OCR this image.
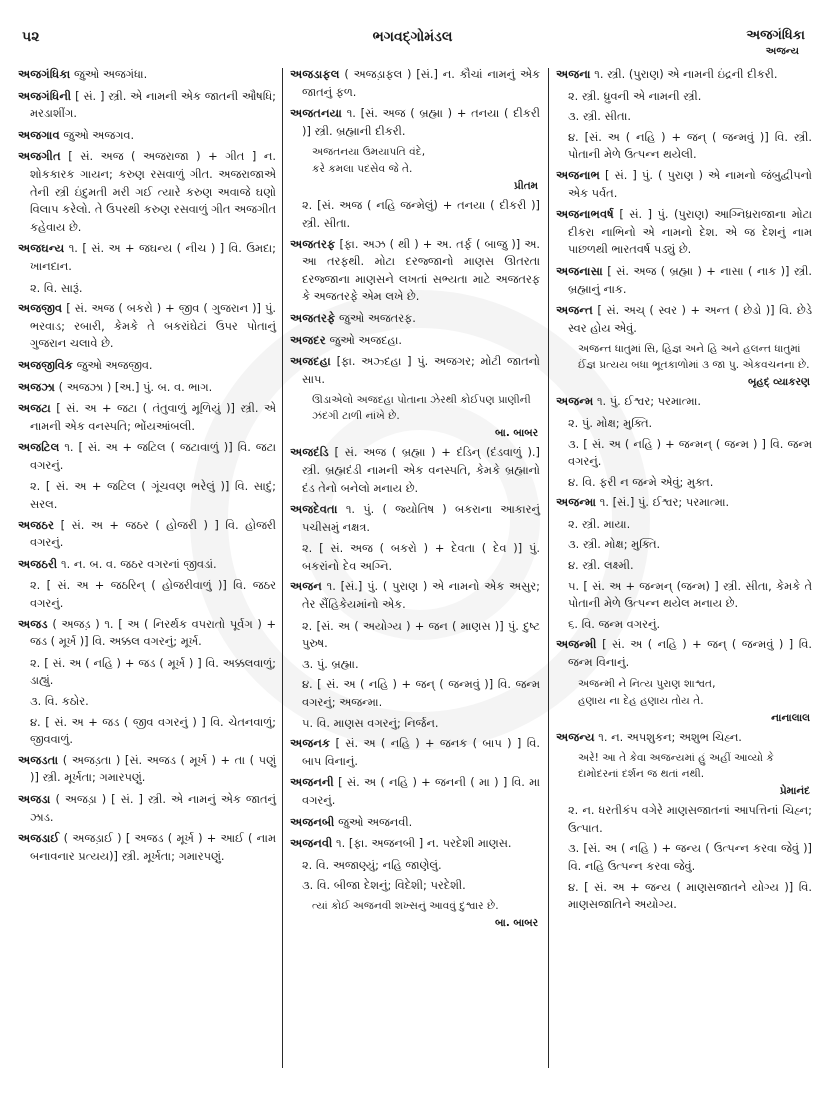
૫૨	ભગવદ્ગોમંડલ	અજગંધિકા
અજન્ય
અજગંધિકા જુઓ અજગંધા.
અજગંધિની [ સં. ] સ્ત્રી. એ નામની એક જાતની ઔષધિ; મરડાશીંગ.
અજગાવ જુઓ અજગવ.
અજગીત [ સં. અજ ( અજરાજા ) + ગીત ] ન. શોકકારક ગાયન; કરુણ રસવાળું ગીત. અજરાજાએ તેની સ્ત્રી ઇંદુમતી મરી ગઈ ત્યારે કરુણ અવાજે ઘણો વિલાપ કરેલો. તે ઉપરથી કરુણ રસવાળું ગીત અજગીત કહેવાય છે.
અજઘન્ય ૧. [ સં. અ + જઘન્ય ( નીચ ) ] વિ. ઉમદા; ખાનદાન.
૨. વિ. સારૂં.
અજજીવ [ સં. અજ ( બકરો ) + જીવ ( ગુજરાન )] પું. ભરવાડ; રબારી, કેમકે તે બકરાંઘેટાં ઉપર પોતાનું ગુજરાન ચલાવે છે.
અજજીવિક જુઓ અજજીવ.
અજઝા ( અજઝા ) [અ.] પું. બ. વ. ભાગ.
અજટા [ સં. અ + જટા ( તંતુવાળું મૂળિયું )] સ્ત્રી. એ નામની એક વનસ્પતિ; ભોંયઆંબલી.
અજટિલ ૧. [ સં. અ + જટિલ ( જટાવાળું )] વિ. જટા વગરનું.
૨. [ સં. અ + જટિલ ( ગૂંચવણ ભરેલું )] વિ. સાદું; સરલ.
અજઠર [ સં. અ + જઠર ( હોજરી ) ] વિ. હોજરી વગરનું.
અજઠરી ૧. ન. બ. વ. જઠર વગરનાં જીવડાં.
૨. [ સં. અ + જઠરિન્ ( હોજરીવાળું )] વિ. જઠર વગરનું.
અજડ ( અજડ઼ ) ૧. [ અ ( નિરર્થક વપરાતો પૂર્વગ ) + જડ ( મૂર્ખ )] વિ. અક્કલ વગરનું; મૂર્ખ.
૨. [ સં. અ ( નહિ ) + જડ ( મૂર્ખ ) ] વિ. અક્કલવાળું; ડાહ્યું.
૩. વિ. કઠોર.
૪. [ સં. અ + જડ ( જીવ વગરનું ) ] વિ. ચેતનવાળું; જીવવાળું.
અજડતા ( અજડ઼તા ) [સં. અજડ ( મૂર્ખ ) + તા ( પણું )] સ્ત્રી. મૂર્ખતા; ગમારપણું.
અજડા ( અજડ઼ા ) [ સં. ] સ્ત્રી. એ નામનું એક જાતનું ઝાડ.
અજડાઈ ( અજડ઼ાઈ ) [ અજડ ( મૂર્ખ ) + આઈ ( નામ બનાવનાર પ્રત્યય)] સ્ત્રી. મૂર્ખતા; ગમારપણું.
અજડાફલ ( અજડ઼ાફલ ) [સં.] ન. કૌચાં નામનું એક જાતનું ફળ.
અજતનયા ૧. [સં. અજ ( બ્રહ્મા ) + તનયા ( દીકરી )] સ્ત્રી. બ્રહ્માની દીકરી.
અજતનયા ઉમયાપતિ વંદે,
કરે કમલા પદસેવ જે તે.
પ્રીતમ
૨. [સં. અજ ( નહિ જન્મેલું) + તનયા ( દીકરી )] સ્ત્રી. સીતા.
અજતરફ [ફા. અઝ ( થી ) + અ. તર્ફ ( બાજુ )] અ. આ તરફથી. મોટા દરજ્જાનો માણસ ઊતરતા દરજ્જાના માણસને લખતાં સભ્યતા માટે અજતરફ કે અજતરફે એમ લખે છે.
અજતરફે જુઓ અજતરફ.
અજદર જુઓ અજદહા.
અજદહા [ફા. અઝ્દહા ] પું. અજગર; મોટી જાતનો સાપ.
ઊડાએલો અજદહા પોતાના ઝેરથી કોઈપણ પ્રાણીની ઝંદગી ટાળી નાંખે છે.
બા. બાબર
અજદંડિ [ સં. અજ ( બ્રહ્મા ) + દંડિન્ (દંડવાળું ).] સ્ત્રી. બ્રહ્મદંડી નામની એક વનસ્પતિ, કેમકે બ્રહ્માનો દંડ તેનો બનેલો મનાય છે.
અજદેવતા ૧. પું. ( જ્યોતિષ ) બકરાના આકારનું પચીસમું નક્ષત્ર.
૨. [ સં. અજ ( બકરો ) + દેવતા ( દેવ )] પું. બકરાંનો દેવ અગ્નિ.
અજન ૧. [સં.] પું. ( પુરાણ ) એ નામનો એક અસુર; તેર સૈંહિકેયમાંનો એક.
૨. [સં. અ ( અયોગ્ય ) + જન ( માણસ )] પું. દુષ્ટ પુરુષ.
૩. પું. બ્રહ્મા.
૪. [ સં. અ ( નહિ ) + જન્ ( જન્મવું )] વિ. જન્મ વગરનું; અજન્મા.
૫. વિ. માણસ વગરનું; નિર્જન.
અજનક [ સં. અ ( નહિ ) + જનક ( બાપ ) ] વિ. બાપ વિનાનું.
અજનની [ સં. અ ( નહિ ) + જનની ( મા ) ] વિ. મા વગરનું.
અજનબી જુઓ અજનવી.
અજનવી ૧. [ફા. અજનબી ] ન. પરદેશી માણસ.
૨. વિ. અજાણ્યું; નહિ જાણેલું.
૩. વિ. બીજા દેશનું; વિદેશી; પરદેશી.
ત્યાં કોઈ અજનવી શખ્સનું આવવું દુશ્વાર છે.
બા. બાબર
અજના ૧. સ્ત્રી. (પુરાણ) એ નામની ઇંદ્રની દીકરી.
૨. સ્ત્રી. ધ્રુવની એ નામની સ્ત્રી.
૩. સ્ત્રી. સીતા.
૪. [સં. અ ( નહિ ) + જન્ ( જન્મવું )] વિ. સ્ત્રી. પોતાની મેળે ઉત્પન્ન થયેલી.
અજનાભ [ સં. ] પું. ( પુરાણ ) એ નામનો જંબુદ્વીપનો એક પર્વત.
અજનાભવર્ષ [ સં. ] પું. (પુરાણ) આગ્નિધ્રરાજાના મોટા દીકરા નાભિનો એ નામનો દેશ. એ જ દેશનું નામ પાછળથી ભારતવર્ષ પડ્યું છે.
અજનાસા [ સં. અજ ( બ્રહ્મા ) + નાસા ( નાક )] સ્ત્રી. બ્રહ્માનું નાક.
અજન્ત [ સં. અચ્ ( સ્વર ) + અન્ત ( છેડો )] વિ. છેડે સ્વર હોય એવું.
અજન્ત ધાતુમાં સિ, હિજ્ઞ અને હિ અને હલન્ત ધાતુમાં ઈંજ્ઞ પ્રત્યય બધા ભૂતકાળોમાં ૩ જા પુ. એકવચનના છે.
બૃહદ્ વ્યાકરણ
અજન્મ ૧. પું. ઈશ્વર; પરમાત્મા.
૨. પું. મોક્ષ; મુક્તિ.
૩. [ સં. અ ( નહિ ) + જન્મન્ ( જન્મ ) ] વિ. જન્મ વગરનું.
૪. વિ. ફરી ન જન્મે એવું; મુક્ત.
અજન્મા ૧. [સં.] પું. ઈશ્વર; પરમાત્મા.
૨. સ્ત્રી. માયા.
૩. સ્ત્રી. મોક્ષ; મુક્તિ.
૪. સ્ત્રી. લક્ષ્મી.
૫. [ સં. અ + જન્મન્ (જન્મ) ] સ્ત્રી. સીતા, કેમકે તે પોતાની મેળે ઉત્પન્ન થયેલ મનાય છે.
૬. વિ. જન્મ વગરનું.
અજન્મી [ સં. અ ( નહિ ) + જન્ ( જન્મવું ) ] વિ. જન્મ વિનાનું.
અજન્મી ને નિત્ય પુરાણ શાશ્વત,
હણાય ના દેહ હણાય તોય તે.
નાનાલાલ
અજન્ય ૧. ન. અપશુકન; અશુભ ચિહ્ન.
અરે! આ તે કેવા અજન્યમાં હું અહીં આવ્યો કે દામોદરનાં દર્શન જ થતાં નથી.
પ્રેમાનંદ
૨. ન. ધરતીકંપ વગેરે માણસજાતનાં આપત્તિનાં ચિહ્ન; ઉત્પાત.
૩. [સં. અ ( નહિ ) + જન્ય ( ઉત્પન્ન કરવા જેવું )] વિ. નહિ ઉત્પન્ન કરવા જેવું.
૪. [ સં. અ + જન્ય ( માણસજાતને યોગ્ય )] વિ. માણસજાતિને અયોગ્ય.
